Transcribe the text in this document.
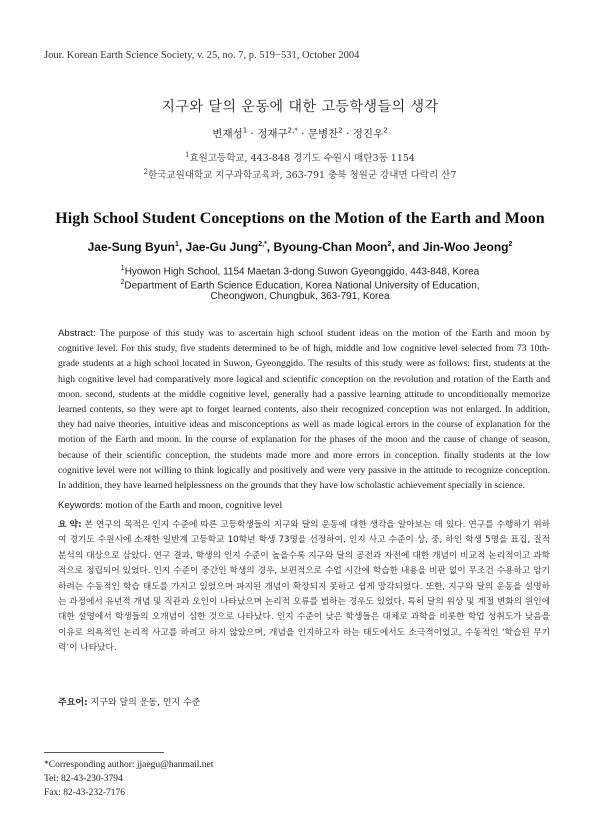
Jour. Korean Earth Science Society, v. 25, no. 7, p. 519−531, October 2004
지구와 달의 운동에 대한 고등학생들의 생각
변재성$^1$ · 정재구$^{2,*}$ · 문병찬$^2$ · 정진우$^2$
$^1$효원고등학교, 443-848 경기도 수원시 매탄3동 1154
$^2$한국교원대학교 지구과학교육과, 363-791 충북 청원군 강내면 다락리 산7
High School Student Conceptions on the Motion of the Earth and Moon
Jae-Sung Byun$^1$, Jae-Gu Jung$^{2,*}$, Byoung-Chan Moon$^2$, and Jin-Woo Jeong$^2$
$^1$Hyowon High School, 1154 Maetan 3-dong Suwon Gyeonggido, 443-848, Korea
$^2$Department of Earth Science Education, Korea National University of Education,
Cheongwon, Chungbuk, 363-791, Korea
Abstract: The purpose of this study was to ascertain high school student ideas on the motion of the Earth and moon by cognitive level. For this study, five students determined to be of high, middle and low cognitive level selected from 73 10th-grade students at a high school located in Suwon, Gyeonggido. The results of this study were as follows: first, students at the high cognitive level had comparatively more logical and scientific conception on the revolution and rotation of the Earth and moon. second, students at the middle cognitive level, generally had a passive learning attitude to unconditionally memorize learned contents, so they were apt to forget learned contents, also their recognized conception was not enlarged. In addition, they had naive theories, intuitive ideas and misconceptions as well as made logical errors in the course of explanation for the motion of the Earth and moon. In the course of explanation for the phases of the moon and the cause of change of season, because of their scientific conception, the students made more and more errors in conception. finally students at the low cognitive level were not willing to think logically and positively and were very passive in the attitude to recognize conception. In addition, they have learned helplessness on the grounds that they have low scholastic achievement specially in science.
Keywords: motion of the Earth and moon, cognitive level
요 약: 본 연구의 목적은 인지 수준에 따른 고등학생들의 지구와 달의 운동에 대한 생각을 알아보는 데 있다. 연구를 수행하기 위하여 경기도 수원시에 소재한 일반계 고등학교 10학년 학생 73명을 선정하여, 인지 사고 수준이 상, 중, 하인 학생 5명을 표집, 질적 분석의 대상으로 삼았다. 연구 결과, 학생의 인지 수준이 높을수록 지구와 달의 공전과 자전에 대한 개념이 비교적 논리적이고 과학적으로 정립되어 있었다. 인지 수준이 중간인 학생의 경우, 보편적으로 수업 시간에 학습한 내용을 비판 없이 무조건 수용하고 암기하려는 수동적인 학습 태도를 가지고 있었으며 파지된 개념이 확장되지 못하고 쉽게 망각되었다. 또한, 지구와 달의 운동을 설명하는 과정에서 유년적 개념 및 직관과 오인이 나타났으며 논리적 오류를 범하는 경우도 있었다. 특히 달의 위상 및 계절 변화의 원인에 대한 설명에서 학생들의 오개념이 심한 것으로 나타났다. 인지 수준이 낮은 학생들은 대체로 과학을 비롯한 학업 성취도가 낮음을 이유로 의욕적인 논리적 사고를 하려고 하지 않았으며, 개념을 인지하고자 하는 태도에서도 소극적이었고, 수동적인 ‘학습된 무기력’이 나타났다.
주요어: 지구와 달의 운동, 인지 수준
*Corresponding author: jjaegu@hanmail.net
Tel: 82-43-230-3794
Fax: 82-43-232-7176
